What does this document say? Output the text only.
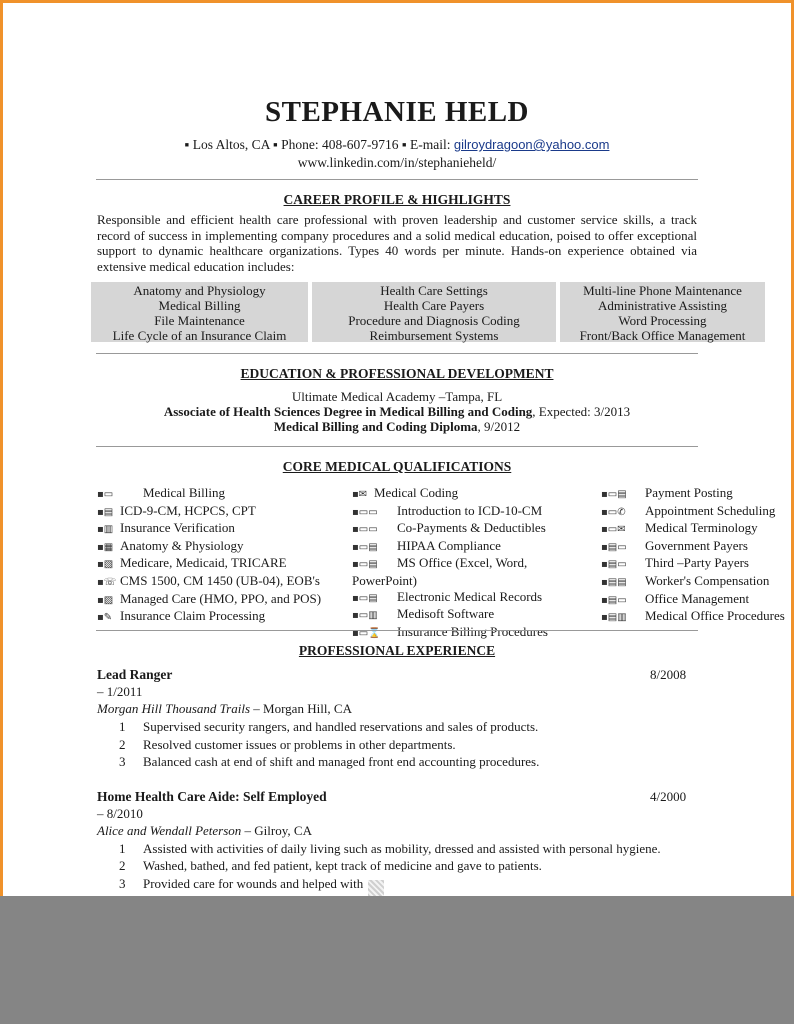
STEPHANIE HELD
▪ Los Altos, CA ▪ Phone: 408-607-9716 ▪ E-mail: gilroydragoon@yahoo.com
www.linkedin.com/in/stephanieheld/
CAREER PROFILE & HIGHLIGHTS
Responsible and efficient health care professional with proven leadership and customer service skills, a track record of success in implementing company procedures and a solid medical education, poised to offer exceptional support to dynamic healthcare organizations. Types 40 words per minute. Hands-on experience obtained via extensive medical education includes:
Anatomy and Physiology
Medical Billing
File Maintenance
Life Cycle of an Insurance Claim
Health Care Settings
Health Care Payers
Procedure and Diagnosis Coding
Reimbursement Systems
Multi-line Phone Maintenance
Administrative Assisting
Word Processing
Front/Back Office Management
EDUCATION & PROFESSIONAL DEVELOPMENT
Ultimate Medical Academy –Tampa, FL
Associate of Health Sciences Degree in Medical Billing and Coding, Expected: 3/2013
Medical Billing and Coding Diploma, 9/2012
CORE MEDICAL QUALIFICATIONS
▪▭ Medical Billing
▪▤ ICD-9-CM, HCPCS, CPT
▪▥ Insurance Verification
▪▦ Anatomy & Physiology
▪▧ Medicare, Medicaid, TRICARE
▪☏ CMS 1500, CM 1450 (UB-04), EOB's
▪▨ Managed Care (HMO, PPO, and POS)
▪✎ Insurance Claim Processing
▪✉ Medical Coding
▪▭▭ Introduction to ICD-10-CM
▪▭▭ Co-Payments & Deductibles
▪▭▤ HIPAA Compliance
▪▭▤ MS Office (Excel, Word,
PowerPoint)
▪▭▤ Electronic Medical Records
▪▭▥ Medisoft Software
▪▭⌛ Insurance Billing Procedures
▪▭▤ Payment Posting
▪▭✆ Appointment Scheduling
▪▭✉ Medical Terminology
▪▤▭ Government Payers
▪▤▭ Third –Party Payers
▪▤▤ Worker's Compensation
▪▤▭ Office Management
▪▤▥ Medical Office Procedures
PROFESSIONAL EXPERIENCE
Lead Ranger	8/2008
– 1/2011
Morgan Hill Thousand Trails – Morgan Hill, CA
1 Supervised security rangers, and handled reservations and sales of products.
2 Resolved customer issues or problems in other departments.
3 Balanced cash at end of shift and managed front end accounting procedures.
Home Health Care Aide: Self Employed	4/2000
– 8/2010
Alice and Wendall Peterson – Gilroy, CA
1 Assisted with activities of daily living such as mobility, dressed and assisted with personal hygiene.
2 Washed, bathed, and fed patient, kept track of medicine and gave to patients.
3 Provided care for wounds and helped with
